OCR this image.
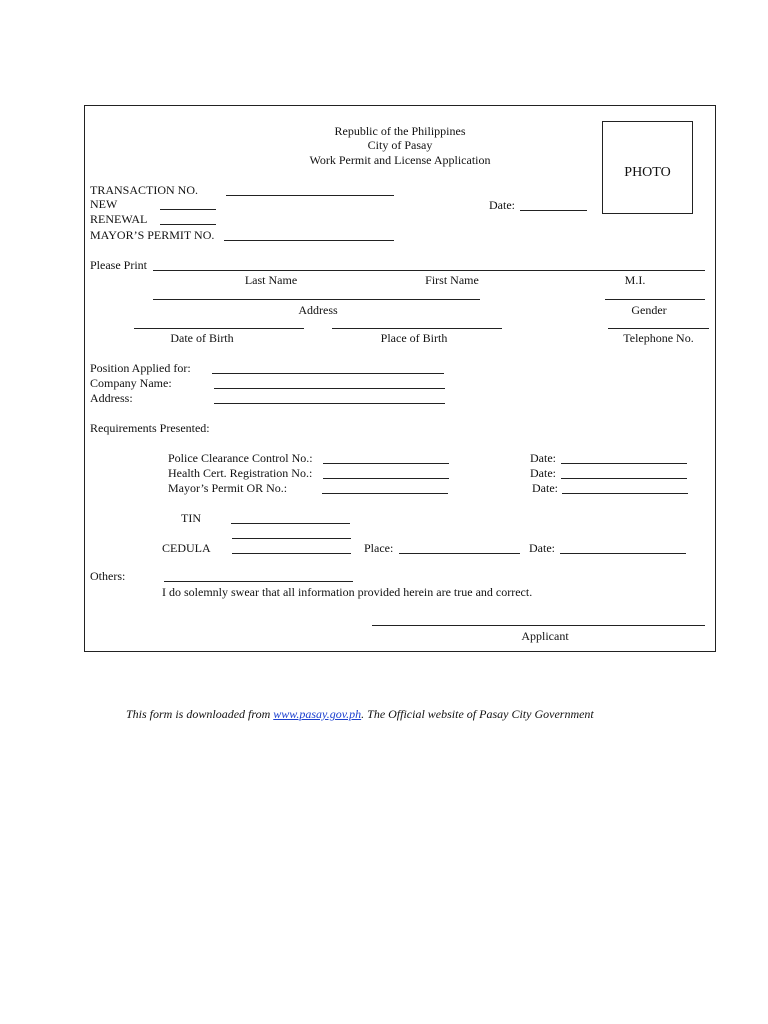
Republic of the Philippines
City of Pasay
Work Permit and License Application
PHOTO
TRANSACTION NO.
NEW	Date:
RENEWAL
MAYOR’S PERMIT NO.
Please Print
Last Name	First Name	M.I.
Address	Gender
Date of Birth	Place of Birth	Telephone No.
Position Applied for:
Company Name:
Address:
Requirements Presented:
Police Clearance Control No.:	Date:
Health Cert. Registration No.:	Date:
Mayor’s Permit OR No.:	Date:
TIN
CEDULA	Place:	Date:
Others:
I do solemnly swear that all information provided herein are true and correct.
Applicant
This form is downloaded from www.pasay.gov.ph. The Official website of Pasay City Government
